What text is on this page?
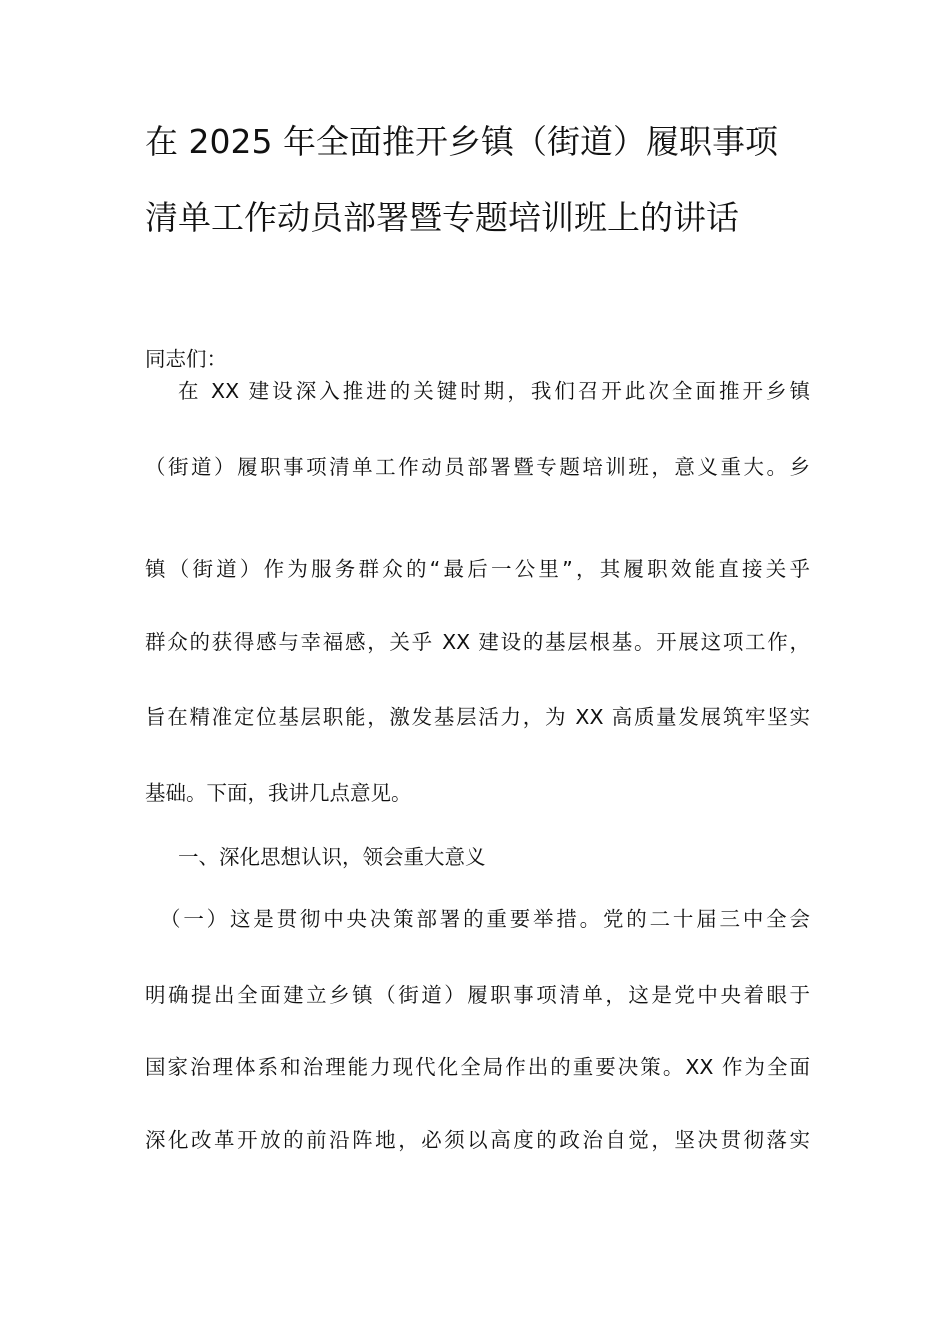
在 2025 年全面推开乡镇（街道）履职事项
清单工作动员部署暨专题培训班上的讲话
同志们：
在 XX 建设深入推进的关键时期，我们召开此次全面推开乡镇
（街道）履职事项清单工作动员部署暨专题培训班，意义重大。乡
镇（街道）作为服务群众的“最后一公里”，其履职效能直接关乎
群众的获得感与幸福感，关乎 XX 建设的基层根基。开展这项工作，
旨在精准定位基层职能，激发基层活力，为 XX 高质量发展筑牢坚实
基础。下面，我讲几点意见。
一、深化思想认识，领会重大意义
（一）这是贯彻中央决策部署的重要举措。党的二十届三中全会
明确提出全面建立乡镇（街道）履职事项清单，这是党中央着眼于
国家治理体系和治理能力现代化全局作出的重要决策。XX 作为全面
深化改革开放的前沿阵地，必须以高度的政治自觉，坚决贯彻落实
